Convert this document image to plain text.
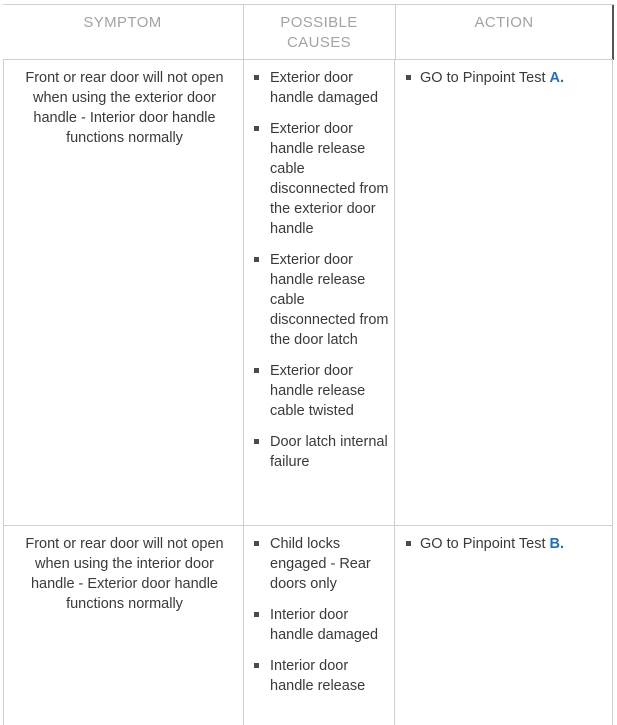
SYMPTOM	POSSIBLE
CAUSES
ACTION
Front or rear door will not open when using the exterior door handle - Interior door handle functions normally
Exterior door handle damaged
Exterior door handle release cable disconnected from the exterior door handle
Exterior door handle release cable disconnected from the door latch
Exterior door handle release cable twisted
Door latch internal failure
GO to Pinpoint Test A.
Front or rear door will not open when using the interior door handle - Exterior door handle functions normally
Child locks engaged - Rear doors only
Interior door handle damaged
Interior door handle release
GO to Pinpoint Test B.
